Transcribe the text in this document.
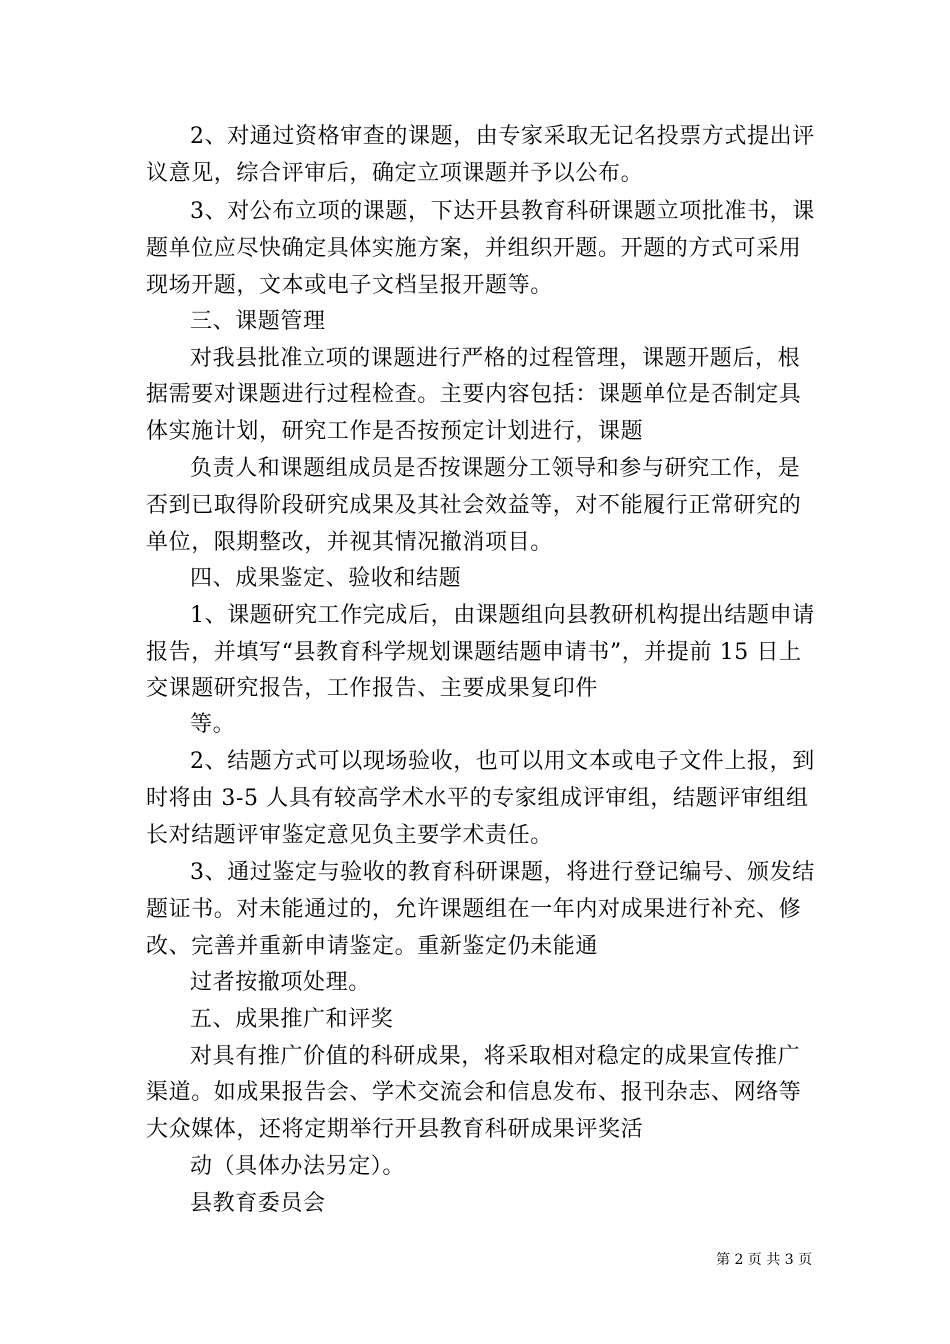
2、对通过资格审查的课题，由专家采取无记名投票方式提出评
议意见，综合评审后，确定立项课题并予以公布。
3、对公布立项的课题，下达开县教育科研课题立项批准书，课
题单位应尽快确定具体实施方案，并组织开题。开题的方式可采用
现场开题，文本或电子文档呈报开题等。
三、课题管理
对我县批准立项的课题进行严格的过程管理，课题开题后，根
据需要对课题进行过程检查。主要内容包括：课题单位是否制定具
体实施计划，研究工作是否按预定计划进行，课题
负责人和课题组成员是否按课题分工领导和参与研究工作，是
否到已取得阶段研究成果及其社会效益等，对不能履行正常研究的
单位，限期整改，并视其情况撤消项目。
四、成果鉴定、验收和结题
1、课题研究工作完成后，由课题组向县教研机构提出结题申请
报告，并填写“县教育科学规划课题结题申请书”，并提前 15 日上
交课题研究报告，工作报告、主要成果复印件
等。
2、结题方式可以现场验收，也可以用文本或电子文件上报，到
时将由 3-5 人具有较高学术水平的专家组成评审组，结题评审组组
长对结题评审鉴定意见负主要学术责任。
3、通过鉴定与验收的教育科研课题，将进行登记编号、颁发结
题证书。对未能通过的，允许课题组在一年内对成果进行补充、修
改、完善并重新申请鉴定。重新鉴定仍未能通
过者按撤项处理。
五、成果推广和评奖
对具有推广价值的科研成果，将采取相对稳定的成果宣传推广
渠道。如成果报告会、学术交流会和信息发布、报刊杂志、网络等
大众媒体，还将定期举行开县教育科研成果评奖活
动（具体办法另定）。
县教育委员会
第 2 页 共 3 页
